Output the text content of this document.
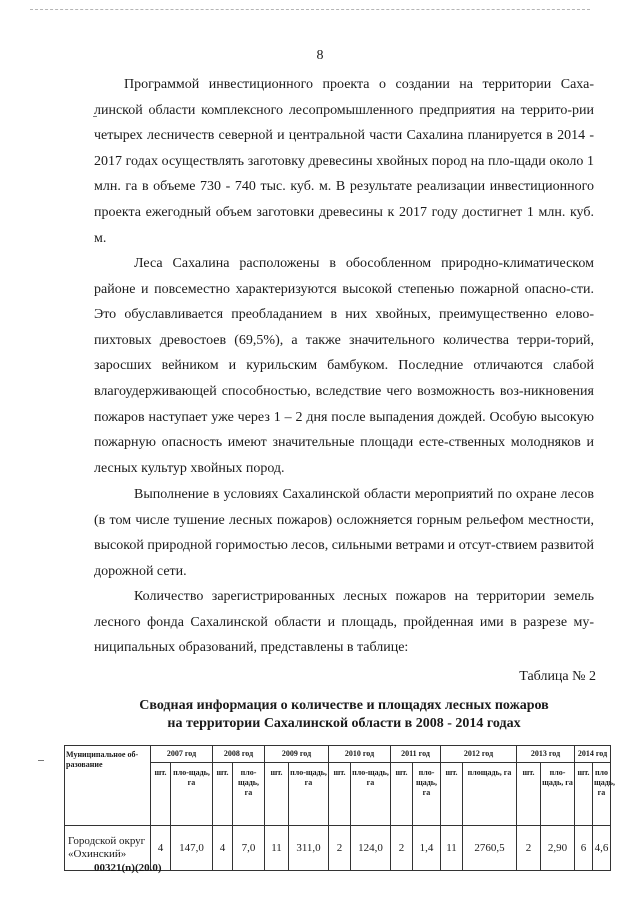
8

Программой инвестиционного проекта о создании на территории Саха-линской области комплексного лесопромышленного предприятия на террито-рии четырех лесничеств северной и центральной части Сахалина планируется в 2014 - 2017 годах осуществлять заготовку древесины хвойных пород на пло-щади около 1 млн. га в объеме 730 - 740 тыс. куб. м. В результате реализации инвестиционного проекта ежегодный объем заготовки древесины к 2017 году достигнет 1 млн. куб. м.

Леса Сахалина расположены в обособленном природно-климатическом районе и повсеместно характеризуются высокой степенью пожарной опасно-сти. Это обуславливается преобладанием в них хвойных, преимущественно елово-пихтовых древостоев (69,5%), а также значительного количества терри-торий, заросших вейником и курильским бамбуком. Последние отличаются слабой влагоудерживающей способностью, вследствие чего возможность воз-никновения пожаров наступает уже через 1 – 2 дня после выпадения дождей. Особую высокую пожарную опасность имеют значительные площади есте-ственных молодняков и лесных культур хвойных пород.

Выполнение в условиях Сахалинской области мероприятий по охране лесов (в том числе тушение лесных пожаров) осложняется горным рельефом местности, высокой природной горимостью лесов, сильными ветрами и отсут-ствием развитой дорожной сети.

Количество зарегистрированных лесных пожаров на территории земель лесного фонда Сахалинской области и площадь, пройденная ими в разрезе му-ниципальных образований, представлены в таблице:

Таблица № 2
Сводная информация о количестве и площадях лесных пожаров
на территории Сахалинской области в 2008 - 2014 годах
Муниципальное об-разование	2007 год		2008 год		2009 год		2010 год		2011 год		2012 год		2013 год		2014 год	
	шт.	пло-щадь, га	шт.	пло-щадь, га	шт.	пло-щадь, га	шт.	пло-щадь, га	шт.	пло-щадь, га	шт.	площадь, га	шт.	пло-щадь, га	шт.	пло щадь, га
Городской округ «Охинский»	4	147,0	4	7,0	11	311,0	2	124,0	2	1,4	11	2760,5	2	2,90	6	4,6
00321(n)(20.0)
